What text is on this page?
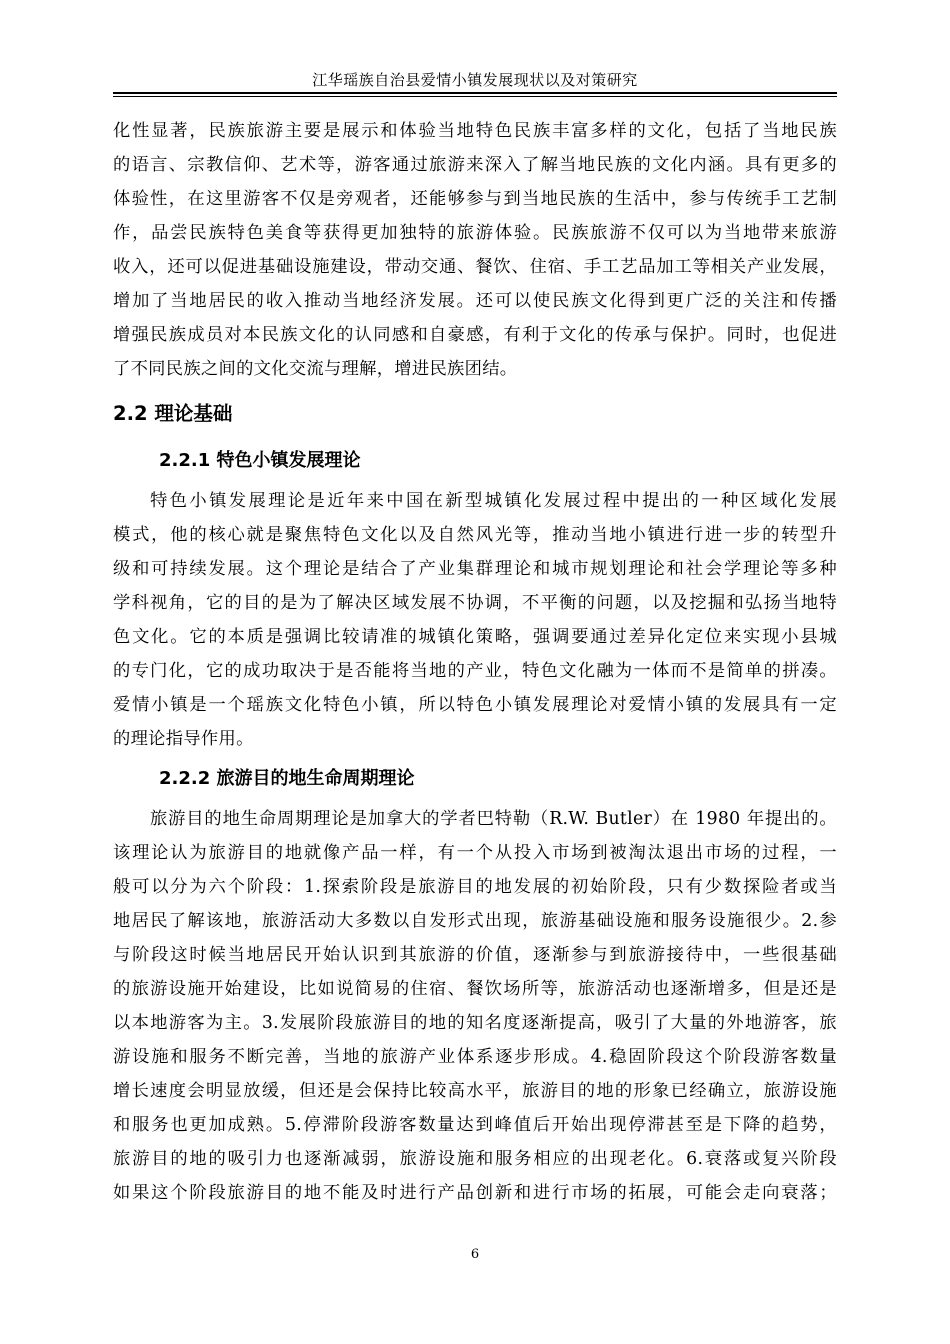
江华瑶族自治县爱情小镇发展现状以及对策研究
化性显著，民族旅游主要是展示和体验当地特色民族丰富多样的文化，包括了当地民族
的语言、宗教信仰、艺术等，游客通过旅游来深入了解当地民族的文化内涵。具有更多的
体验性，在这里游客不仅是旁观者，还能够参与到当地民族的生活中，参与传统手工艺制
作，品尝民族特色美食等获得更加独特的旅游体验。民族旅游不仅可以为当地带来旅游
收入，还可以促进基础设施建设，带动交通、餐饮、住宿、手工艺品加工等相关产业发展，
增加了当地居民的收入推动当地经济发展。还可以使民族文化得到更广泛的关注和传播
增强民族成员对本民族文化的认同感和自豪感，有利于文化的传承与保护。同时，也促进
了不同民族之间的文化交流与理解，增进民族团结。
2.2 理论基础
2.2.1 特色小镇发展理论
特色小镇发展理论是近年来中国在新型城镇化发展过程中提出的一种区域化发展
模式，他的核心就是聚焦特色文化以及自然风光等，推动当地小镇进行进一步的转型升
级和可持续发展。这个理论是结合了产业集群理论和城市规划理论和社会学理论等多种
学科视角，它的目的是为了解决区域发展不协调，不平衡的问题，以及挖掘和弘扬当地特
色文化。它的本质是强调比较请准的城镇化策略，强调要通过差异化定位来实现小县城
的专门化，它的成功取决于是否能将当地的产业，特色文化融为一体而不是简单的拼凑。
爱情小镇是一个瑶族文化特色小镇，所以特色小镇发展理论对爱情小镇的发展具有一定
的理论指导作用。
2.2.2 旅游目的地生命周期理论
旅游目的地生命周期理论是加拿大的学者巴特勒（R.W. Butler）在 1980 年提出的。
该理论认为旅游目的地就像产品一样，有一个从投入市场到被淘汰退出市场的过程，一
般可以分为六个阶段：1.探索阶段是旅游目的地发展的初始阶段，只有少数探险者或当
地居民了解该地，旅游活动大多数以自发形式出现，旅游基础设施和服务设施很少。2.参
与阶段这时候当地居民开始认识到其旅游的价值，逐渐参与到旅游接待中，一些很基础
的旅游设施开始建设，比如说简易的住宿、餐饮场所等，旅游活动也逐渐增多，但是还是
以本地游客为主。3.发展阶段旅游目的地的知名度逐渐提高，吸引了大量的外地游客，旅
游设施和服务不断完善，当地的旅游产业体系逐步形成。4.稳固阶段这个阶段游客数量
增长速度会明显放缓，但还是会保持比较高水平，旅游目的地的形象已经确立，旅游设施
和服务也更加成熟。5.停滞阶段游客数量达到峰值后开始出现停滞甚至是下降的趋势，
旅游目的地的吸引力也逐渐减弱，旅游设施和服务相应的出现老化。6.衰落或复兴阶段
如果这个阶段旅游目的地不能及时进行产品创新和进行市场的拓展，可能会走向衰落；
6
